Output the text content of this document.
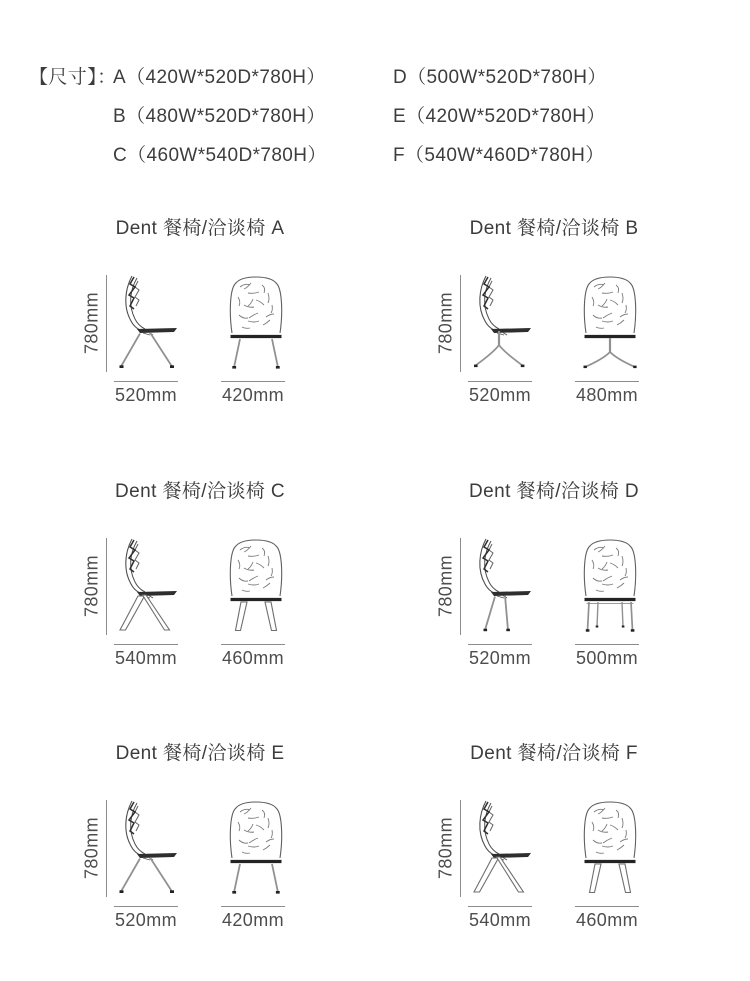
【尺寸】：
A（420W*520D*780H）	D（500W*520D*780H）
B（480W*520D*780H）	E（420W*520D*780H）
C（460W*540D*780H）	F（540W*460D*780H）
Dent 餐椅/洽谈椅 A
780mm
520mm 420mm
Dent 餐椅/洽谈椅 B
780mm
520mm 480mm
Dent 餐椅/洽谈椅 C
780mm
540mm 460mm
Dent 餐椅/洽谈椅 D
780mm
520mm 500mm
Dent 餐椅/洽谈椅 E
780mm
520mm 420mm
Dent 餐椅/洽谈椅 F
780mm
540mm 460mm
